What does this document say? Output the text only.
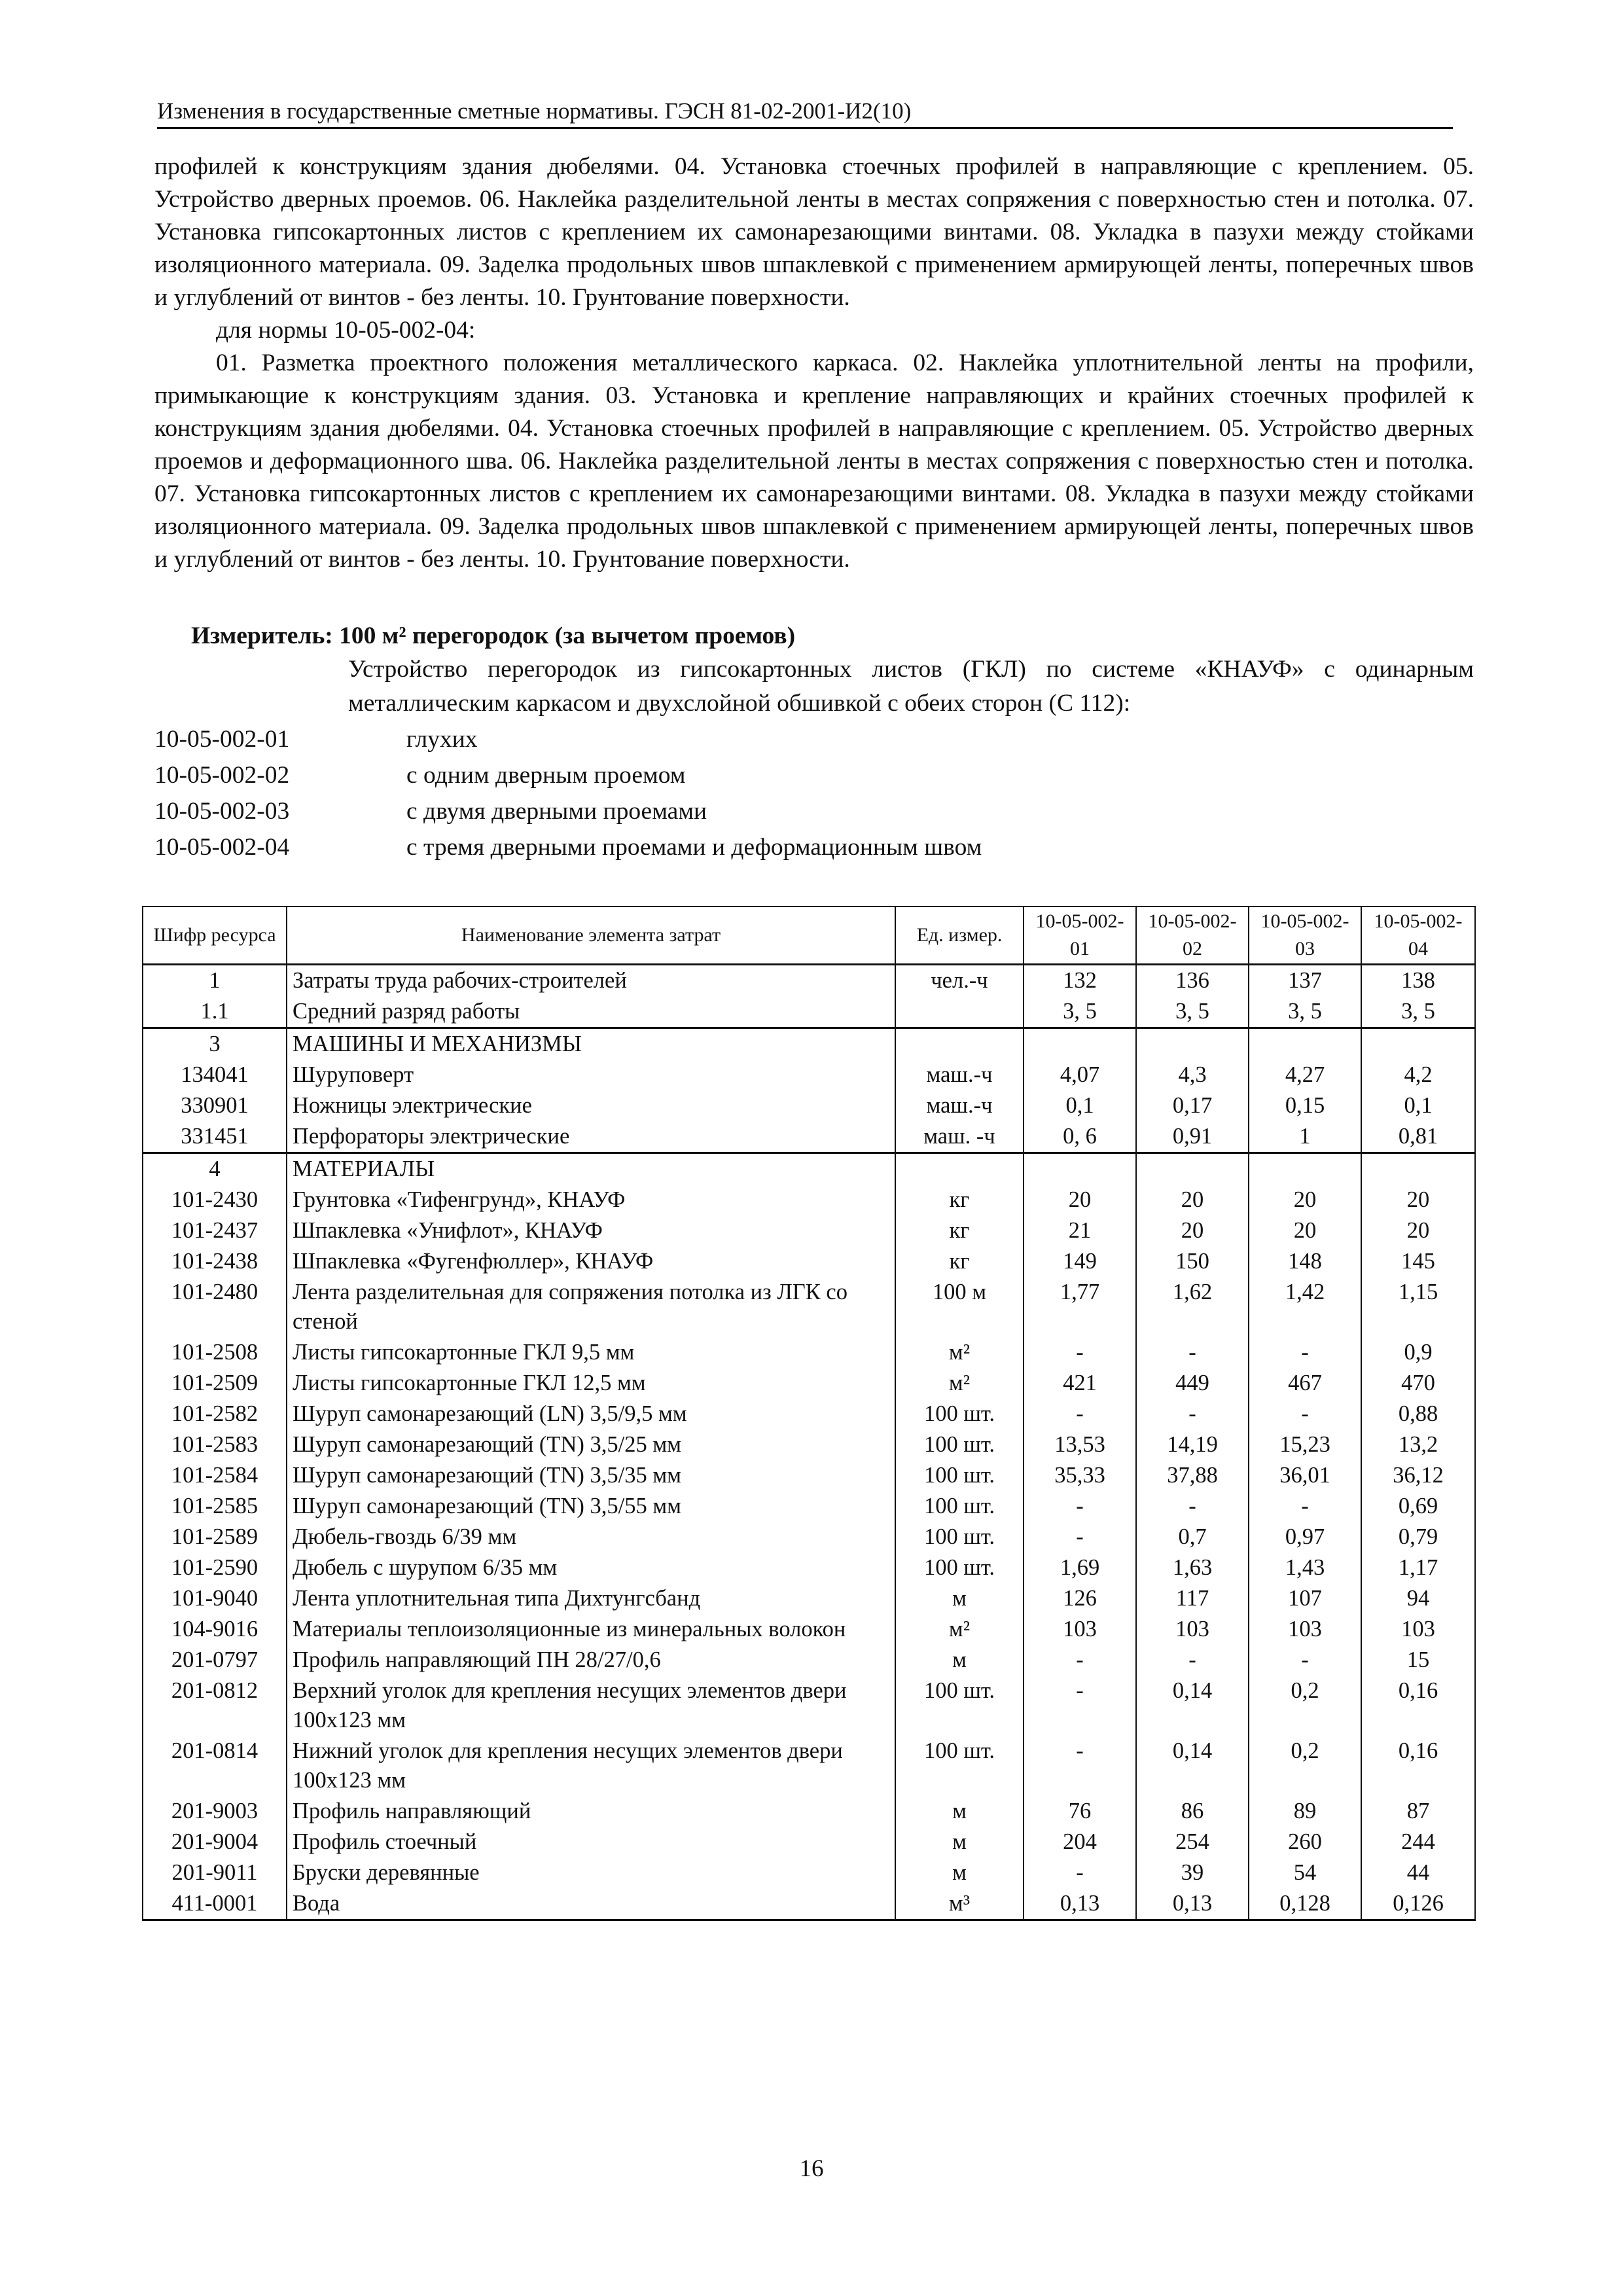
Изменения в государственные сметные нормативы. ГЭСН 81-02-2001-И2(10)

профилей к конструкциям здания дюбелями. 04. Установка стоечных профилей в направляющие с креплением. 05. Устройство дверных проемов. 06. Наклейка разделительной ленты в местах сопряжения с поверхностью стен и потолка. 07. Установка гипсокартонных листов с креплением их самонарезающими винтами. 08. Укладка в пазухи между стойками изоляционного материала. 09. Заделка продольных швов шпаклевкой с применением армирующей ленты, поперечных швов и углублений от винтов - без ленты. 10. Грунтование поверхности.

для нормы 10-05-002-04:

01. Разметка проектного положения металлического каркаса. 02. Наклейка уплотнительной ленты на профили, примыкающие к конструкциям здания. 03. Установка и крепление направляющих и крайних стоечных профилей к конструкциям здания дюбелями. 04. Установка стоечных профилей в направляющие с креплением. 05. Устройство дверных проемов и деформационного шва. 06. Наклейка разделительной ленты в местах сопряжения с поверхностью стен и потолка. 07. Установка гипсокартонных листов с креплением их самонарезающими винтами. 08. Укладка в пазухи между стойками изоляционного материала. 09. Заделка продольных швов шпаклевкой с применением армирующей ленты, поперечных швов и углублений от винтов - без ленты. 10. Грунтование поверхности.

Измеритель: 100 м² перегородок (за вычетом проемов)
Устройство перегородок из гипсокартонных листов (ГКЛ) по системе «КНАУФ» с одинарным металлическим каркасом и двухслойной обшивкой с обеих сторон (С 112):
10-05-002-01	глухих
10-05-002-02	с одним дверным проемом
10-05-002-03	с двумя дверными проемами
10-05-002-04	с тремя дверными проемами и деформационным швом
Шифр ресурса	Наименование элемента затрат	Ед. измер.	10-05-002-01	10-05-002-02	10-05-002-03	10-05-002-04
1	Затраты труда рабочих-строителей	чел.-ч	132	136	137	138
1.1	Средний разряд работы		3, 5	3, 5	3, 5	3, 5
3	МАШИНЫ И МЕХАНИЗМЫ					
134041	Шуруповерт	маш.-ч	4,07	4,3	4,27	4,2
330901	Ножницы электрические	маш.-ч	0,1	0,17	0,15	0,1
331451	Перфораторы электрические	маш. -ч	0, 6	0,91	1	0,81
4	МАТЕРИАЛЫ					
101-2430	Грунтовка «Тифенгрунд», КНАУФ	кг	20	20	20	20
101-2437	Шпаклевка «Унифлот», КНАУФ	кг	21	20	20	20
101-2438	Шпаклевка «Фугенфюллер», КНАУФ	кг	149	150	148	145
101-2480	Лента разделительная для сопряжения потолка из ЛГК со стеной	100 м	1,77	1,62	1,42	1,15
101-2508	Листы гипсокартонные ГКЛ 9,5 мм	м²	-	-	-	0,9
101-2509	Листы гипсокартонные ГКЛ 12,5 мм	м²	421	449	467	470
101-2582	Шуруп самонарезающий (LN) 3,5/9,5 мм	100 шт.	-	-	-	0,88
101-2583	Шуруп самонарезающий (TN) 3,5/25 мм	100 шт.	13,53	14,19	15,23	13,2
101-2584	Шуруп самонарезающий (TN) 3,5/35 мм	100 шт.	35,33	37,88	36,01	36,12
101-2585	Шуруп самонарезающий (TN) 3,5/55 мм	100 шт.	-	-	-	0,69
101-2589	Дюбель-гвоздь 6/39 мм	100 шт.	-	0,7	0,97	0,79
101-2590	Дюбель с шурупом 6/35 мм	100 шт.	1,69	1,63	1,43	1,17
101-9040	Лента уплотнительная типа Дихтунгсбанд	м	126	117	107	94
104-9016	Материалы теплоизоляционные из минеральных волокон	м²	103	103	103	103
201-0797	Профиль направляющий ПН 28/27/0,6	м	-	-	-	15
201-0812	Верхний уголок для крепления несущих элементов двери 100х123 мм	100 шт.	-	0,14	0,2	0,16
201-0814	Нижний уголок для крепления несущих элементов двери 100х123 мм	100 шт.	-	0,14	0,2	0,16
201-9003	Профиль направляющий	м	76	86	89	87
201-9004	Профиль стоечный	м	204	254	260	244
201-9011	Бруски деревянные	м	-	39	54	44
411-0001	Вода	м³	0,13	0,13	0,128	0,126
16
